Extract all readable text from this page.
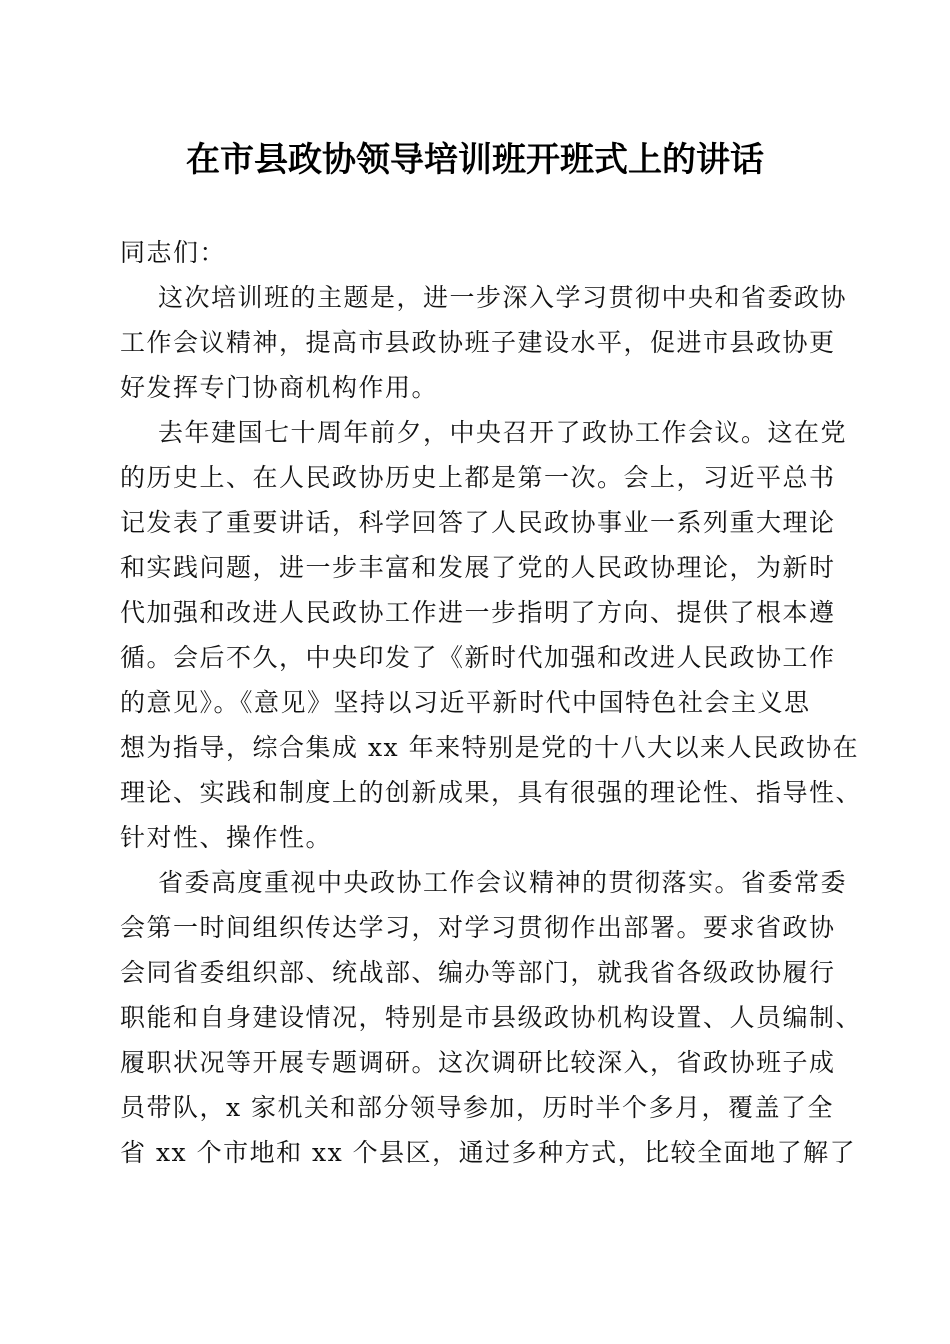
在市县政协领导培训班开班式上的讲话
同志们：
这次培训班的主题是，进一步深入学习贯彻中央和省委政协
工作会议精神，提高市县政协班子建设水平，促进市县政协更
好发挥专门协商机构作用。
去年建国七十周年前夕，中央召开了政协工作会议。这在党
的历史上、在人民政协历史上都是第一次。会上，习近平总书
记发表了重要讲话，科学回答了人民政协事业一系列重大理论
和实践问题，进一步丰富和发展了党的人民政协理论，为新时
代加强和改进人民政协工作进一步指明了方向、提供了根本遵
循。会后不久，中央印发了《新时代加强和改进人民政协工作
的意见》。《意见》坚持以习近平新时代中国特色社会主义思
想为指导，综合集成 xx 年来特别是党的十八大以来人民政协在
理论、实践和制度上的创新成果，具有很强的理论性、指导性、
针对性、操作性。
省委高度重视中央政协工作会议精神的贯彻落实。省委常委
会第一时间组织传达学习，对学习贯彻作出部署。要求省政协
会同省委组织部、统战部、编办等部门，就我省各级政协履行
职能和自身建设情况，特别是市县级政协机构设置、人员编制、
履职状况等开展专题调研。这次调研比较深入，省政协班子成
员带队，x 家机关和部分领导参加，历时半个多月，覆盖了全
省 xx 个市地和 xx 个县区，通过多种方式，比较全面地了解了
